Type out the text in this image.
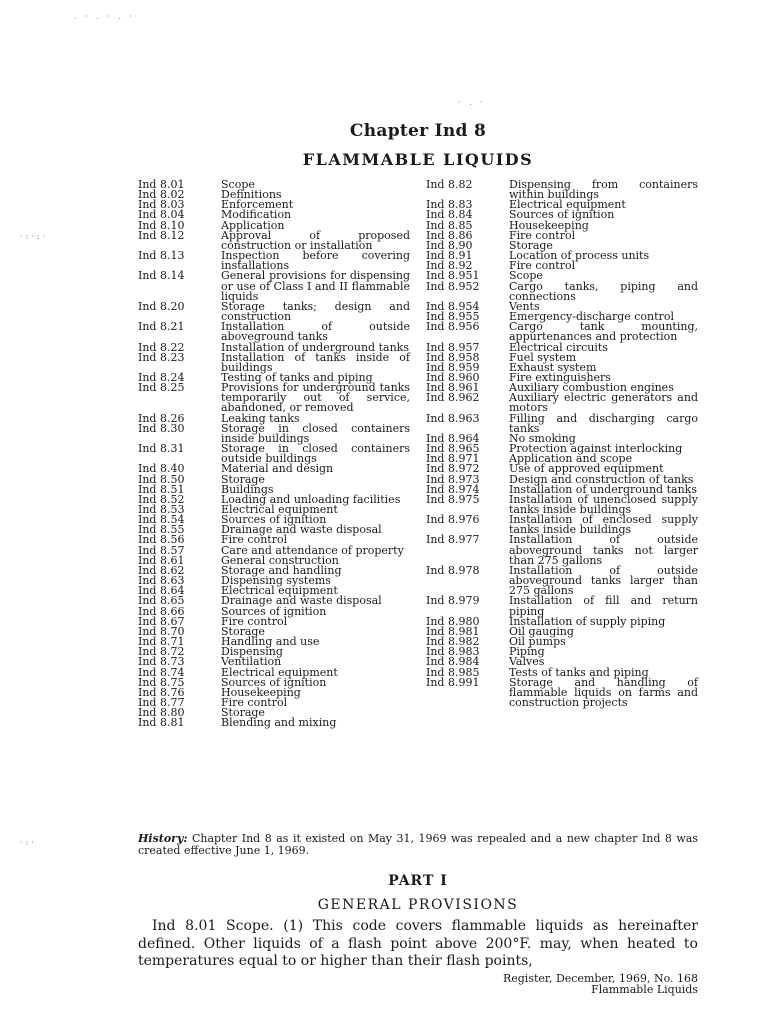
. · . · . ·
· . ·
·:·:·
·:·
Chapter Ind 8
FLAMMABLE LIQUIDS
Ind 8.01	Scope
Ind 8.02	Definitions
Ind 8.03	Enforcement
Ind 8.04	Modification
Ind 8.10	Application
Ind 8.12	Approval of proposed construction or installation
Ind 8.13	Inspection before covering installations
Ind 8.14	General provisions for dispensing or use of Class I and II flammable liquids
Ind 8.20	Storage tanks; design and construction
Ind 8.21	Installation of outside aboveground tanks
Ind 8.22	Installation of underground tanks
Ind 8.23	Installation of tanks inside of buildings
Ind 8.24	Testing of tanks and piping
Ind 8.25	Provisions for underground tanks temporarily out of service, abandoned, or removed
Ind 8.26	Leaking tanks
Ind 8.30	Storage in closed containers inside buildings
Ind 8.31	Storage in closed containers outside buildings
Ind 8.40	Material and design
Ind 8.50	Storage
Ind 8.51	Buildings
Ind 8.52	Loading and unloading facilities
Ind 8.53	Electrical equipment
Ind 8.54	Sources of ignition
Ind 8.55	Drainage and waste disposal
Ind 8.56	Fire control
Ind 8.57	Care and attendance of property
Ind 8.61	General construction
Ind 8.62	Storage and handling
Ind 8.63	Dispensing systems
Ind 8.64	Electrical equipment
Ind 8.65	Drainage and waste disposal
Ind 8.66	Sources of ignition
Ind 8.67	Fire control
Ind 8.70	Storage
Ind 8.71	Handling and use
Ind 8.72	Dispensing
Ind 8.73	Ventilation
Ind 8.74	Electrical equipment
Ind 8.75	Sources of ignition
Ind 8.76	Housekeeping
Ind 8.77	Fire control
Ind 8.80	Storage
Ind 8.81	Blending and mixing
Ind 8.82	Dispensing from containers within buildings
Ind 8.83	Electrical equipment
Ind 8.84	Sources of ignition
Ind 8.85	Housekeeping
Ind 8.86	Fire control
Ind 8.90	Storage
Ind 8.91	Location of process units
Ind 8.92	Fire control
Ind 8.951	Scope
Ind 8.952	Cargo tanks, piping and connections
Ind 8.954	Vents
Ind 8.955	Emergency-discharge control
Ind 8.956	Cargo tank mounting, appurtenances and protection
Ind 8.957	Electrical circuits
Ind 8.958	Fuel system
Ind 8.959	Exhaust system
Ind 8.960	Fire extinguishers
Ind 8.961	Auxiliary combustion engines
Ind 8.962	Auxiliary electric generators and motors
Ind 8.963	Filling and discharging cargo tanks
Ind 8.964	No smoking
Ind 8.965	Protection against interlocking
Ind 8.971	Application and scope
Ind 8.972	Use of approved equipment
Ind 8.973	Design and construction of tanks
Ind 8.974	Installation of underground tanks
Ind 8.975	Installation of unenclosed supply tanks inside buildings
Ind 8.976	Installation of enclosed supply tanks inside buildings
Ind 8.977	Installation of outside aboveground tanks not larger than 275 gallons
Ind 8.978	Installation of outside aboveground tanks larger than 275 gallons
Ind 8.979	Installation of fill and return piping
Ind 8.980	Installation of supply piping
Ind 8.981	Oil gauging
Ind 8.982	Oil pumps
Ind 8.983	Piping
Ind 8.984	Valves
Ind 8.985	Tests of tanks and piping
Ind 8.991	Storage and handling of flammable liquids on farms and construction projects
History: Chapter Ind 8 as it existed on May 31, 1969 was repealed and a new chapter Ind 8 was created effective June 1, 1969.
PART I
GENERAL PROVISIONS
Ind 8.01 Scope. (1) This code covers flammable liquids as hereinafter defined. Other liquids of a flash point above 200°F. may, when heated to temperatures equal to or higher than their flash points,
Register, December, 1969, No. 168
Flammable Liquids
